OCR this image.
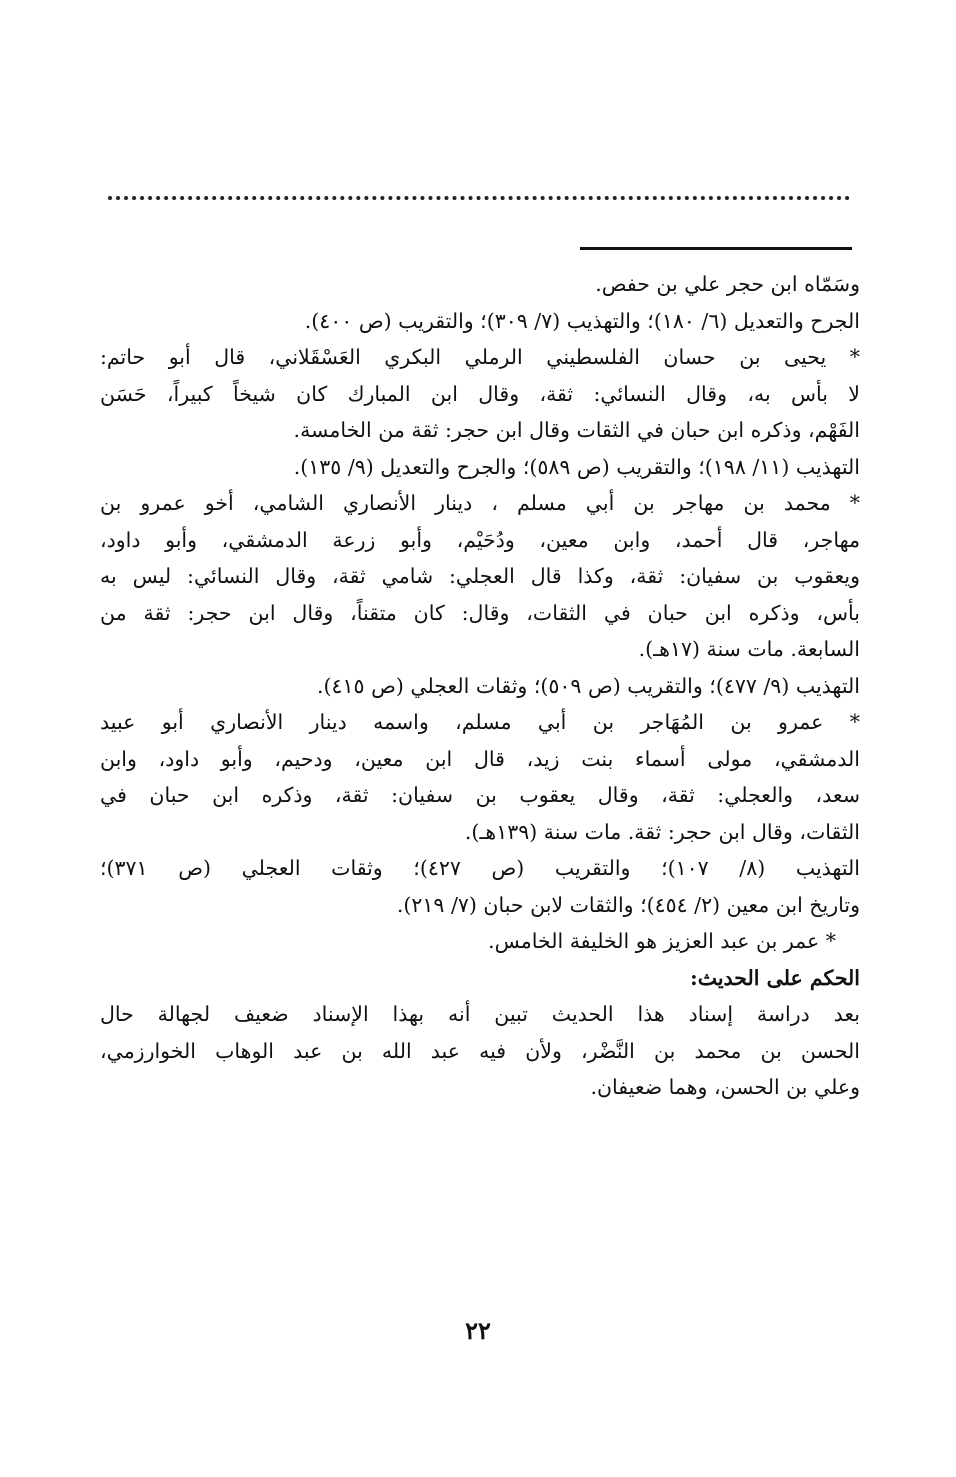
وسَمّاه ابن حجر علي بن حفص.
الجرح والتعديل (٦/ ١٨٠)؛ والتهذيب (٧/ ٣٠٩)؛ والتقريب (ص ٤٠٠).
* يحيى بن حسان الفلسطيني الرملي البكري العَسْقَلاني، قال أبو حاتم:
لا بأس به، وقال النسائي: ثقة، وقال ابن المبارك كان شيخاً كبيراً، حَسَن
الفَهْم، وذكره ابن حبان في الثقات وقال ابن حجر: ثقة من الخامسة.
التهذيب (١١/ ١٩٨)؛ والتقريب (ص ٥٨٩)؛ والجرح والتعديل (٩/ ١٣٥).
* محمد بن مهاجر بن أبي مسلم ، دينار الأنصاري الشامي، أخو عمرو بن
مهاجر، قال أحمد، وابن معين، ودُحَيْم، وأبو زرعة الدمشقي، وأبو داود،
ويعقوب بن سفيان: ثقة، وكذا قال العجلي: شامي ثقة، وقال النسائي: ليس به
بأس، وذكره ابن حبان في الثقات، وقال: كان متقناً، وقال ابن حجر: ثقة من
السابعة. مات سنة (١٧هـ).
التهذيب (٩/ ٤٧٧)؛ والتقريب (ص ٥٠٩)؛ وثقات العجلي (ص ٤١٥).
* عمرو بن المُهَاجر بن أبي مسلم، واسمه دينار الأنصاري أبو عبيد
الدمشقي، مولى أسماء بنت زيد، قال ابن معين، ودحيم، وأبو داود، وابن
سعد، والعجلي: ثقة، وقال يعقوب بن سفيان: ثقة، وذكره ابن حبان في
الثقات، وقال ابن حجر: ثقة. مات سنة (١٣٩هـ).
التهذيب (٨/ ١٠٧)؛ والتقريب (ص ٤٢٧)؛ وثقات العجلي (ص ٣٧١)؛
وتاريخ ابن معين (٢/ ٤٥٤)؛ والثقات لابن حبان (٧/ ٢١٩).
* عمر بن عبد العزيز هو الخليفة الخامس.
الحكم على الحديث:
بعد دراسة إسناد هذا الحديث تبين أنه بهذا الإسناد ضعيف لجهالة حال
الحسن بن محمد بن النَّضْر، ولأن فيه عبد الله بن عبد الوهاب الخوارزمي،
وعلي بن الحسن، وهما ضعيفان.
٢٢
